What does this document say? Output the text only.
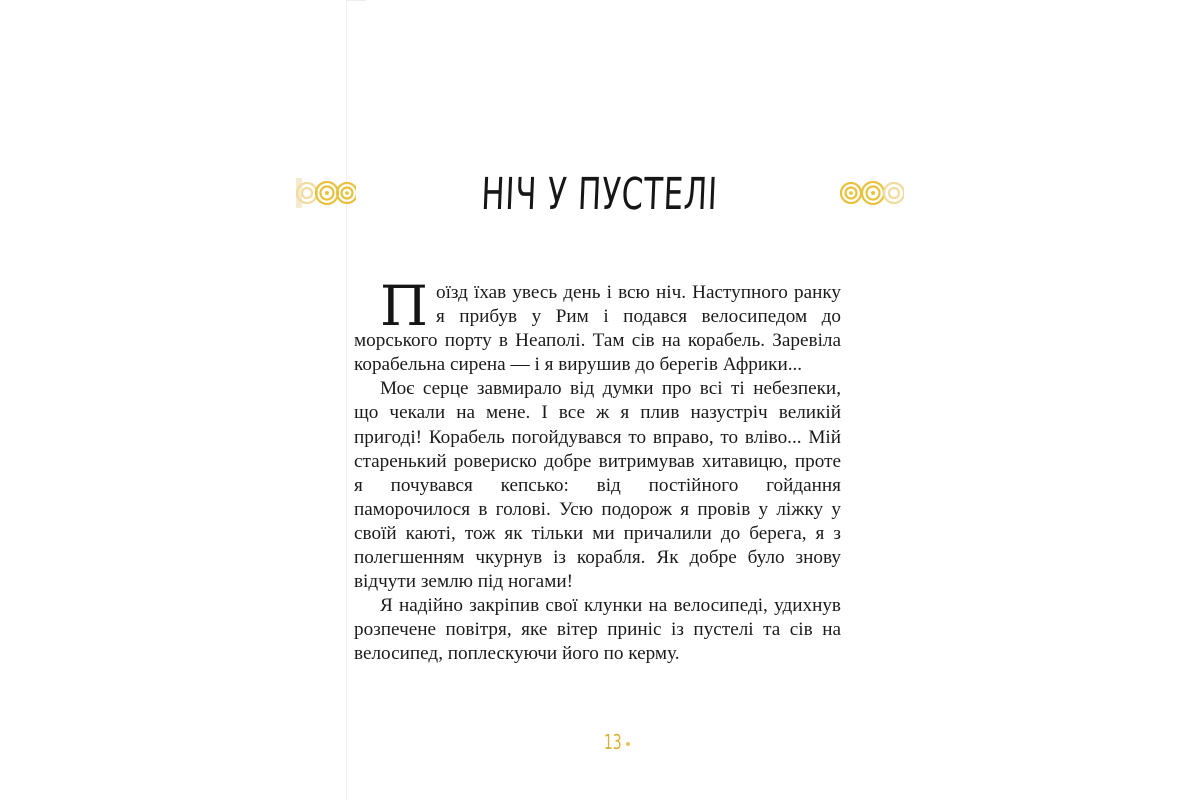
НІЧ У ПУСТЕЛІ

Поїзд їхав увесь день і всю ніч. Наступного ранку я прибув у Рим і подався велосипедом до морського порту в Неаполі. Там сів на корабель. Заревіла корабельна сирена — і я вирушив до берегів Африки...

Моє серце завмирало від думки про всі ті небезпеки, що чекали на мене. І все ж я плив назустріч великій пригоді! Корабель погойдувався то вправо, то вліво... Мій старенький ровериско добре витримував хитавицю, проте я почувався кепсько: від постійного гойдання паморочилося в голові. Усю подорож я провів у ліжку у своїй каюті, тож як тільки ми причалили до берега, я з полегшенням чкурнув із корабля. Як добре було знову відчути землю під ногами!

Я надійно закріпив свої клунки на велосипеді, удихнув розпечене повітря, яке вітер приніс із пустелі та сів на велосипед, поплескуючи його по керму.

13
